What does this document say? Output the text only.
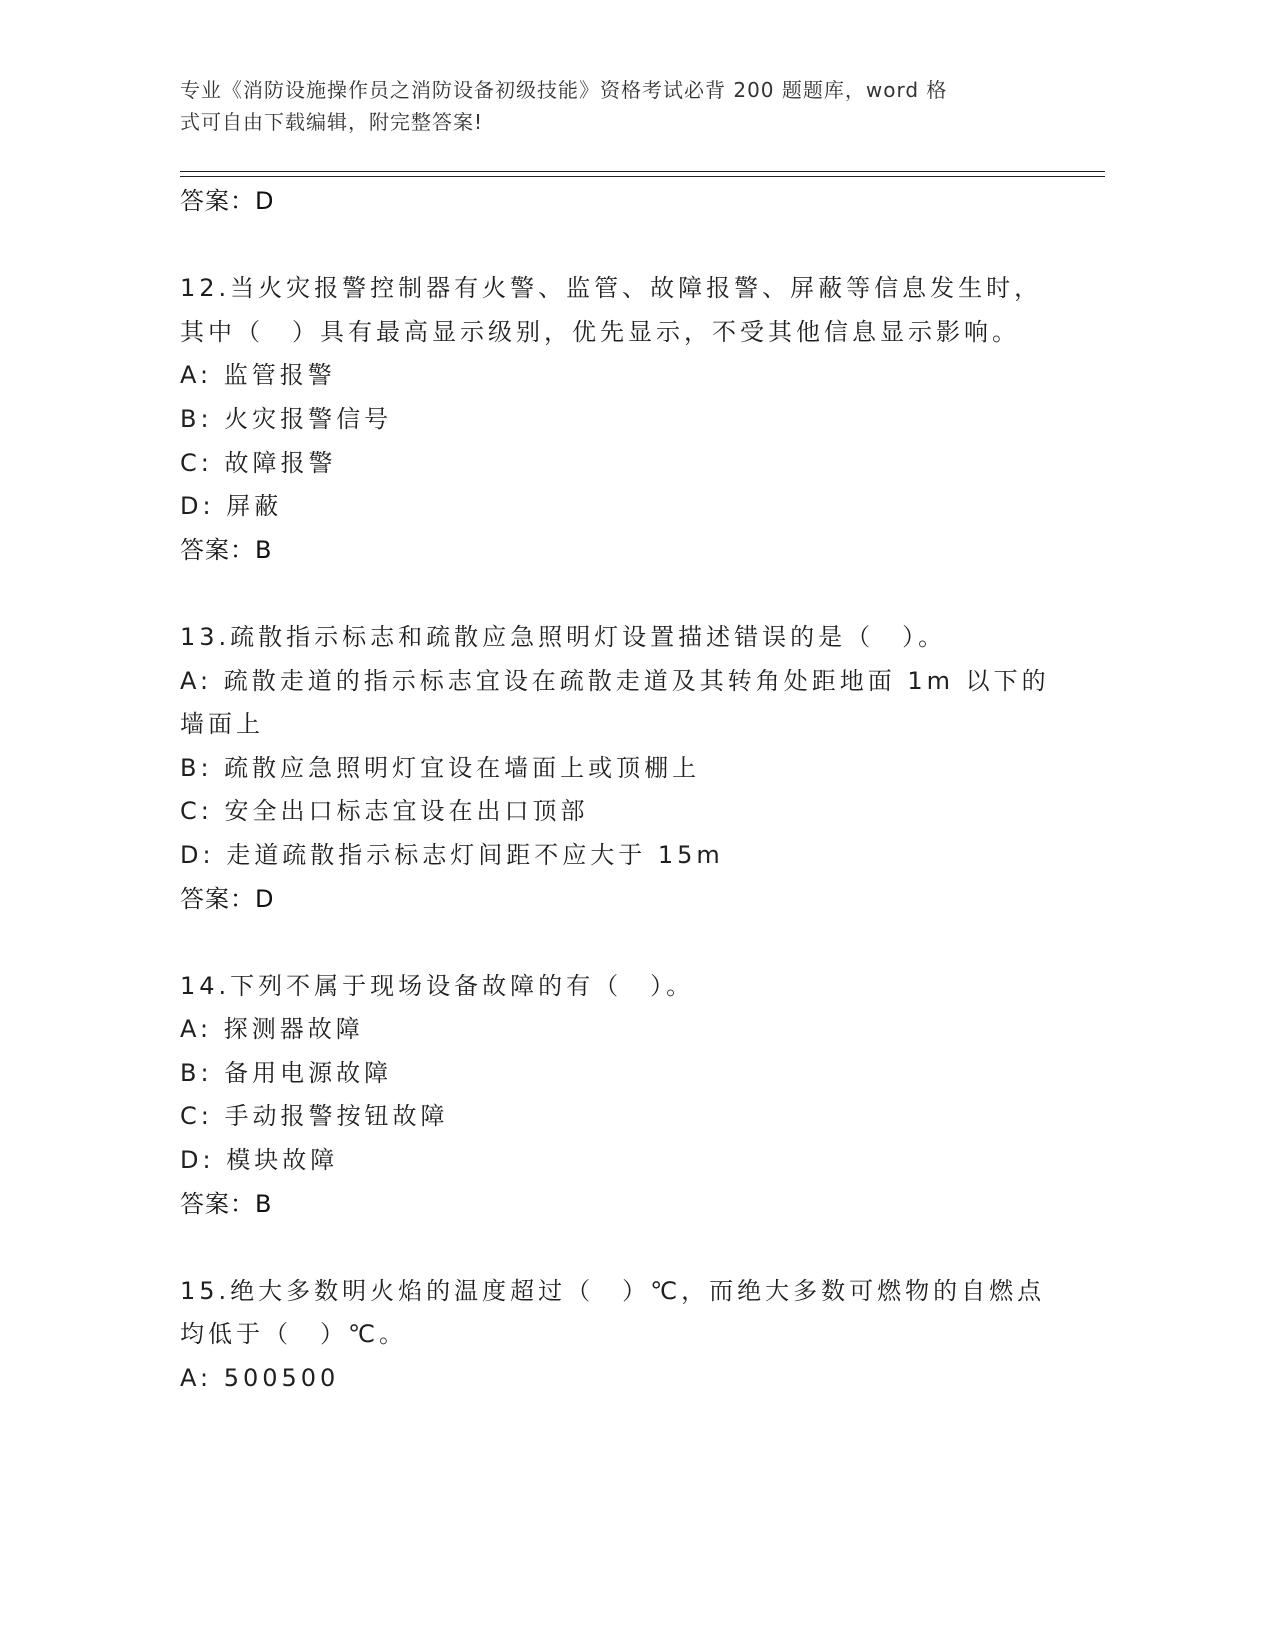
专业《消防设施操作员之消防设备初级技能》资格考试必背 200 题题库，word 格
式可自由下载编辑，附完整答案!
答案：D
12.当火灾报警控制器有火警、监管、故障报警、屏蔽等信息发生时，
其中（　）具有最高显示级别，优先显示，不受其他信息显示影响。
A: 监管报警
B: 火灾报警信号
C: 故障报警
D: 屏蔽
答案：B
13.疏散指示标志和疏散应急照明灯设置描述错误的是（　）。
A: 疏散走道的指示标志宜设在疏散走道及其转角处距地面 1m 以下的
墙面上
B: 疏散应急照明灯宜设在墙面上或顶棚上
C: 安全出口标志宜设在出口顶部
D: 走道疏散指示标志灯间距不应大于 15m
答案：D
14.下列不属于现场设备故障的有（　）。
A: 探测器故障
B: 备用电源故障
C: 手动报警按钮故障
D: 模块故障
答案：B
15.绝大多数明火焰的温度超过（　）℃，而绝大多数可燃物的自燃点
均低于（　）℃。
A: 500500
